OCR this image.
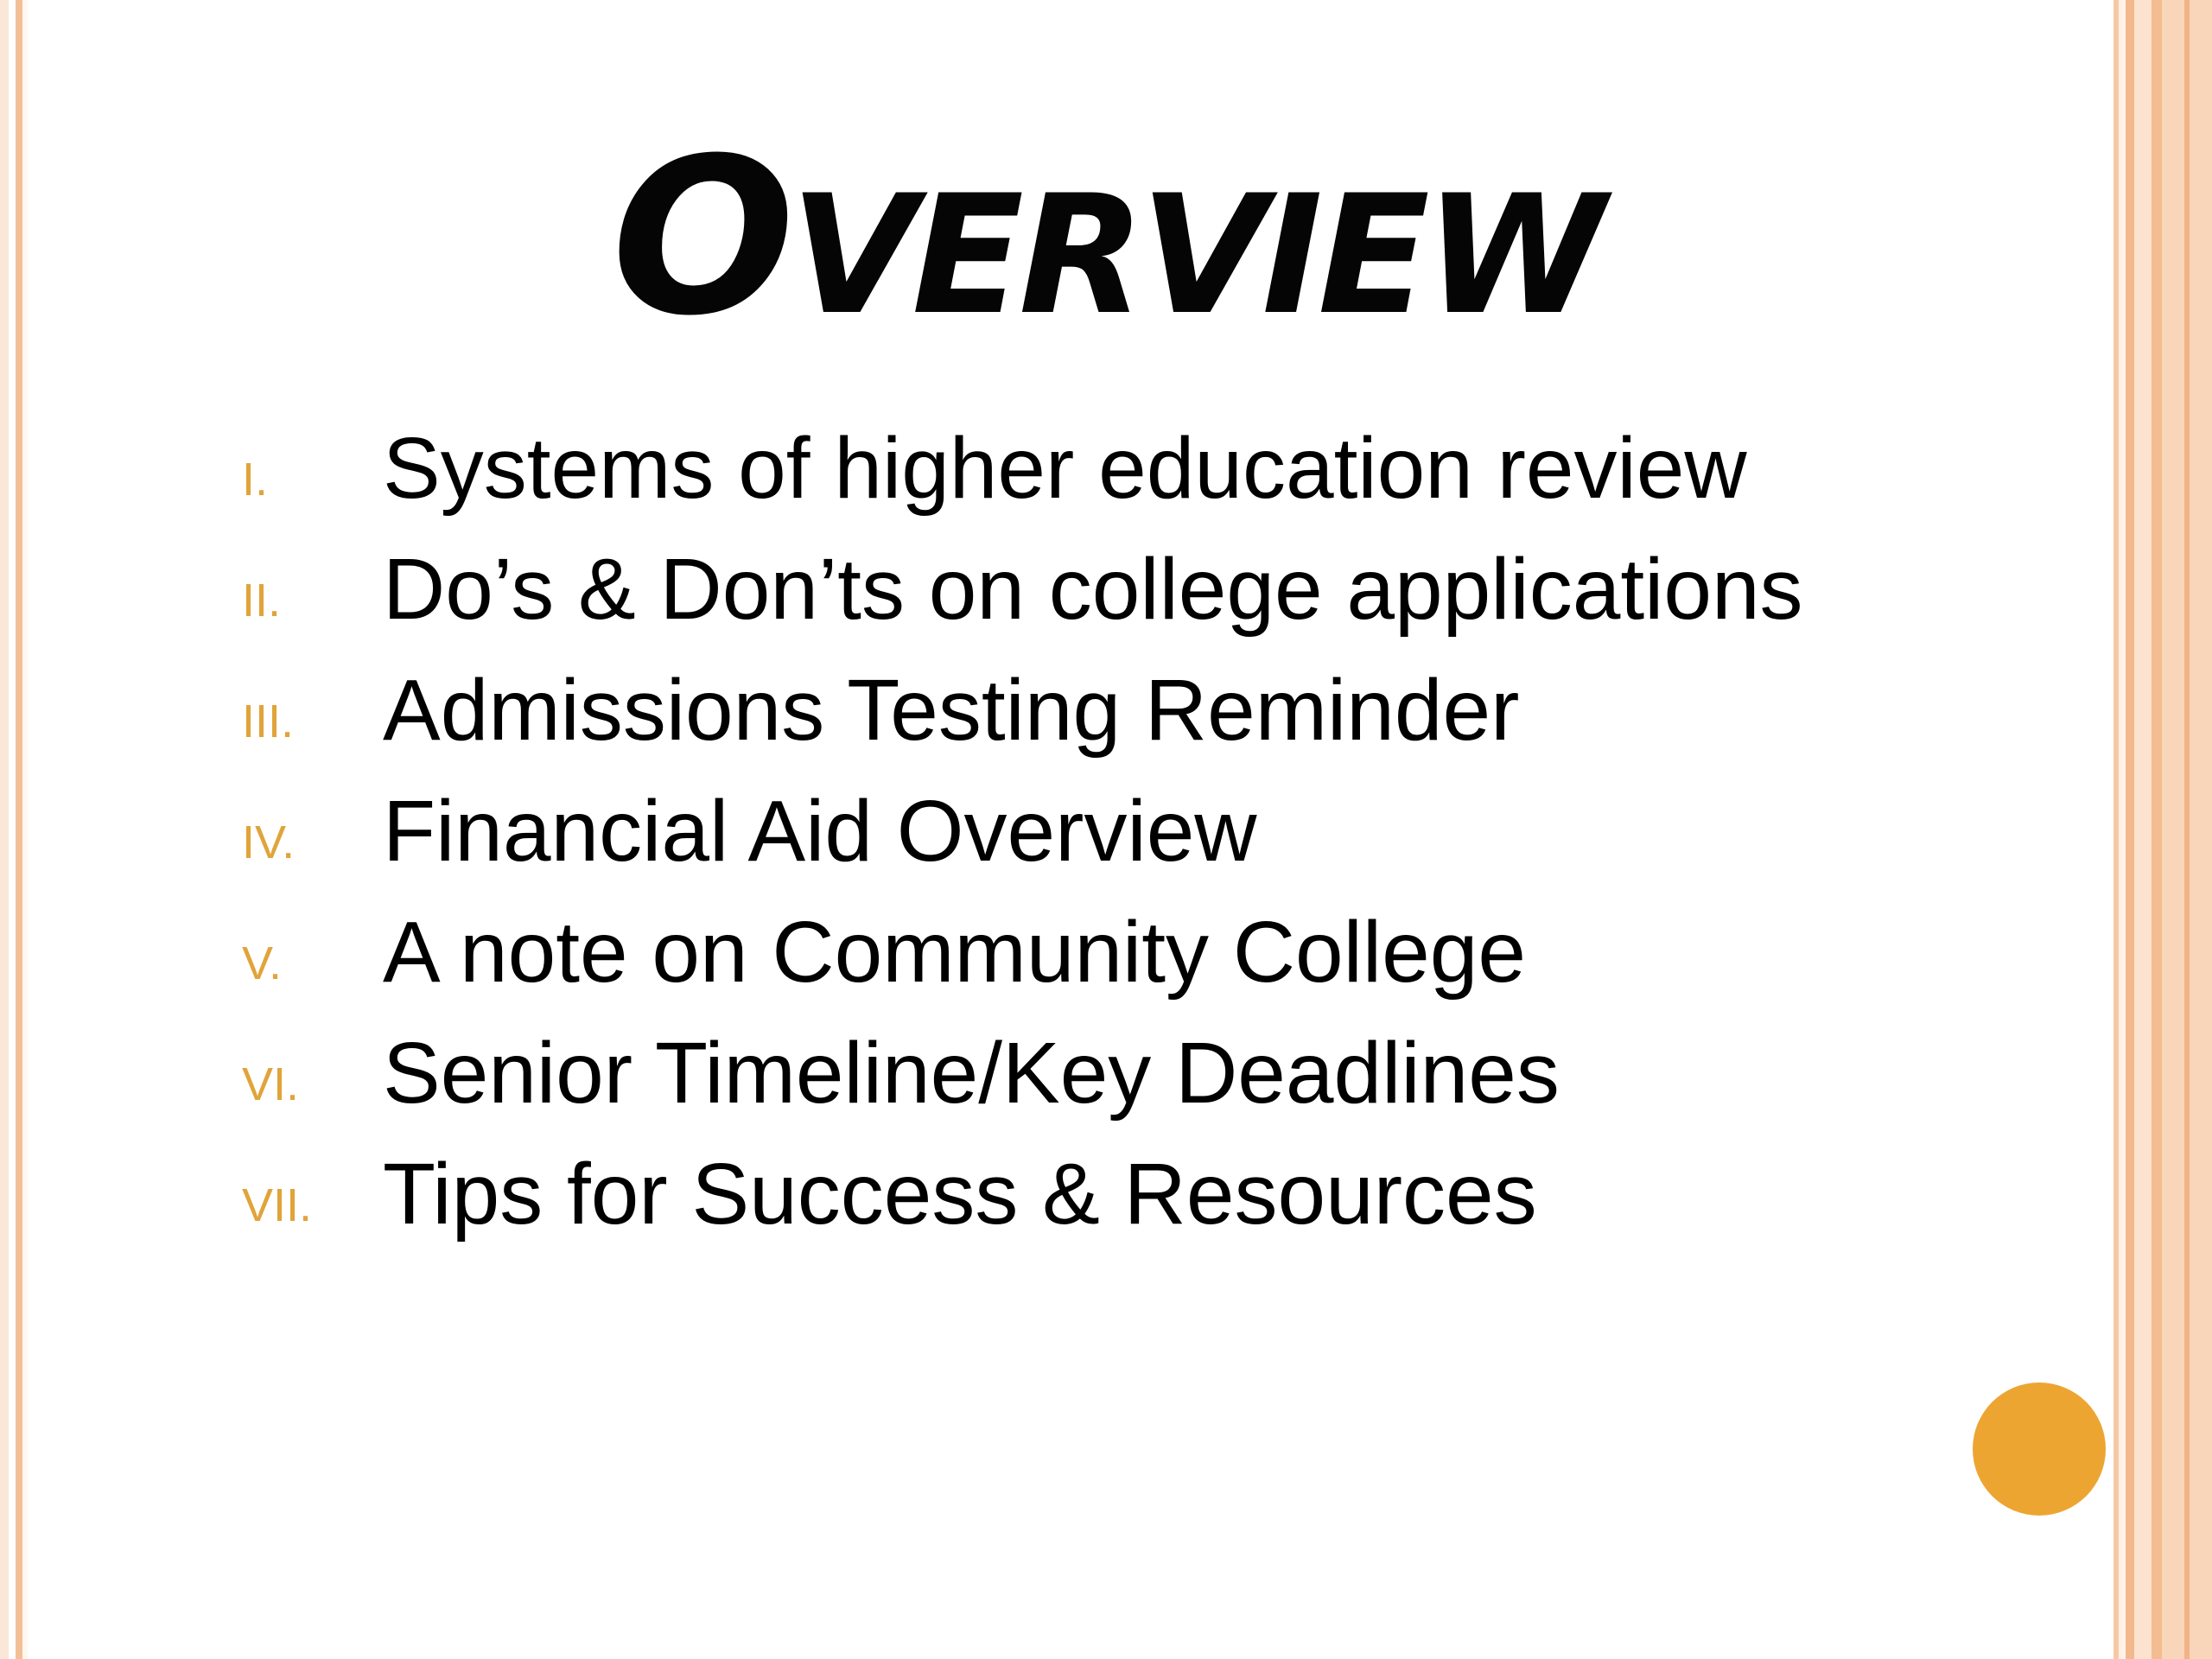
OVERVIEW
I. Systems of higher education review
II. Do’s & Don’ts on college applications
III. Admissions Testing Reminder
IV. Financial Aid Overview
V. A note on Community College
VI. Senior Timeline/Key Deadlines
VII. Tips for Success & Resources
